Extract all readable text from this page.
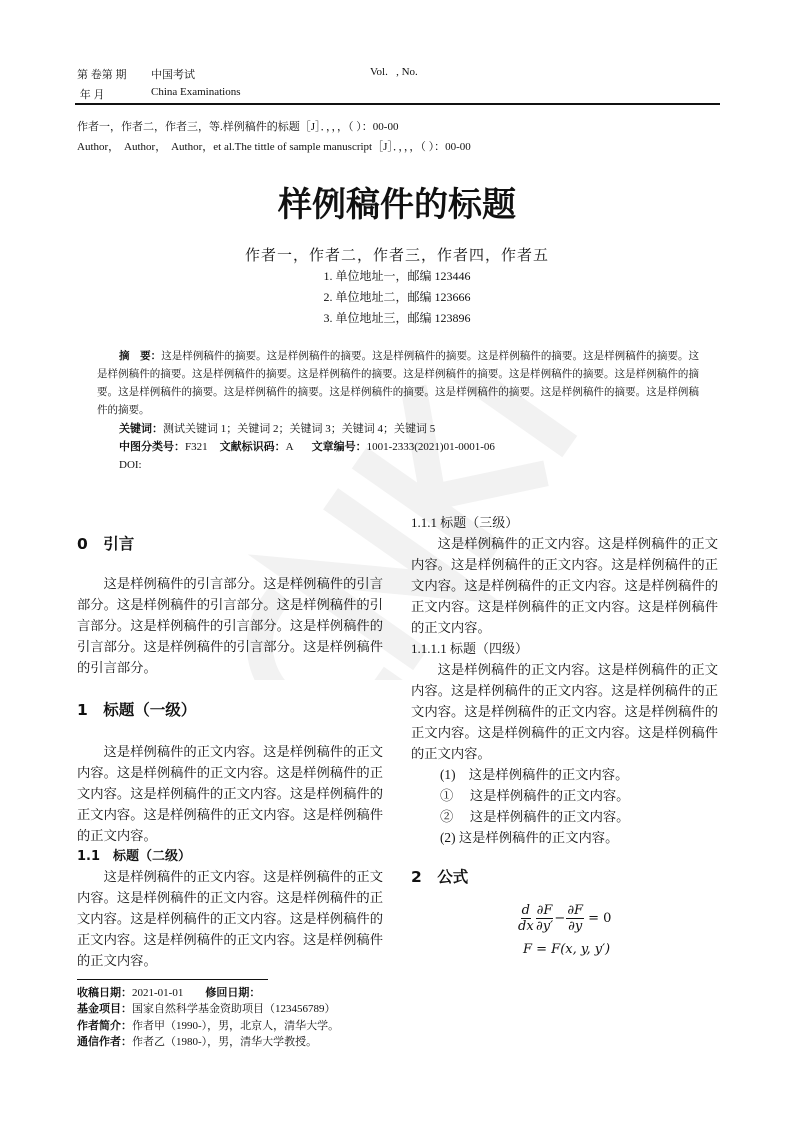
第 卷第 期 中国考试	Vol.   , No.
年 月	China Examinations
作者一，作者二，作者三，等.样例稿件的标题［J］．，，，（ ）：00-00
Author，  Author，  Author，et al.The tittle of sample manuscript［J］．，，，（ ）：00-00
样例稿件的标题
作者一，作者二，作者三，作者四，作者五
1. 单位地址一，邮编 123446
2. 单位地址二，邮编 123666
3. 单位地址三，邮编 123896
摘　要：这是样例稿件的摘要。这是样例稿件的摘要。这是样例稿件的摘要。这是样例稿件的摘要。这是样例稿件的摘要。这是样例稿件的摘要。这是样例稿件的摘要。这是样例稿件的摘要。这是样例稿件的摘要。这是样例稿件的摘要。这是样例稿件的摘要。这是样例稿件的摘要。这是样例稿件的摘要。这是样例稿件的摘要。这是样例稿件的摘要。这是样例稿件的摘要。这是样例稿件的摘要。
关键词：测试关键词 1；关键词 2；关键词 3；关键词 4；关键词 5
中图分类号：F321 文献标识码：A 文章编号：1001-2333(2021)01-0001-06
DOI:
0　引言
这是样例稿件的引言部分。这是样例稿件的引言部分。这是样例稿件的引言部分。这是样例稿件的引言部分。这是样例稿件的引言部分。这是样例稿件的引言部分。这是样例稿件的引言部分。这是样例稿件的引言部分。
1　标题（一级）
这是样例稿件的正文内容。这是样例稿件的正文内容。这是样例稿件的正文内容。这是样例稿件的正文内容。这是样例稿件的正文内容。这是样例稿件的正文内容。这是样例稿件的正文内容。这是样例稿件的正文内容。
1.1　标题（二级）
这是样例稿件的正文内容。这是样例稿件的正文内容。这是样例稿件的正文内容。这是样例稿件的正文内容。这是样例稿件的正文内容。这是样例稿件的正文内容。这是样例稿件的正文内容。这是样例稿件的正文内容。
1.1.1 标题（三级）
这是样例稿件的正文内容。这是样例稿件的正文内容。这是样例稿件的正文内容。这是样例稿件的正文内容。这是样例稿件的正文内容。这是样例稿件的正文内容。这是样例稿件的正文内容。这是样例稿件的正文内容。
1.1.1.1 标题（四级）
这是样例稿件的正文内容。这是样例稿件的正文内容。这是样例稿件的正文内容。这是样例稿件的正文内容。这是样例稿件的正文内容。这是样例稿件的正文内容。这是样例稿件的正文内容。这是样例稿件的正文内容。
(1)　这是样例稿件的正文内容。
①　 这是样例稿件的正文内容。
②　 这是样例稿件的正文内容。
(2) 这是样例稿件的正文内容。
2　公式
$\frac{d}{dx} \frac{\partial F}{\partial y'} - \frac{\partial F}{\partial y} = 0$
F = F(x, y, y′)
收稿日期：2021-01-01 修回日期：
基金项目：国家自然科学基金资助项目（123456789）
作者简介：作者甲（1990-），男，北京人，清华大学。
通信作者：作者乙（1980-），男，清华大学教授。
